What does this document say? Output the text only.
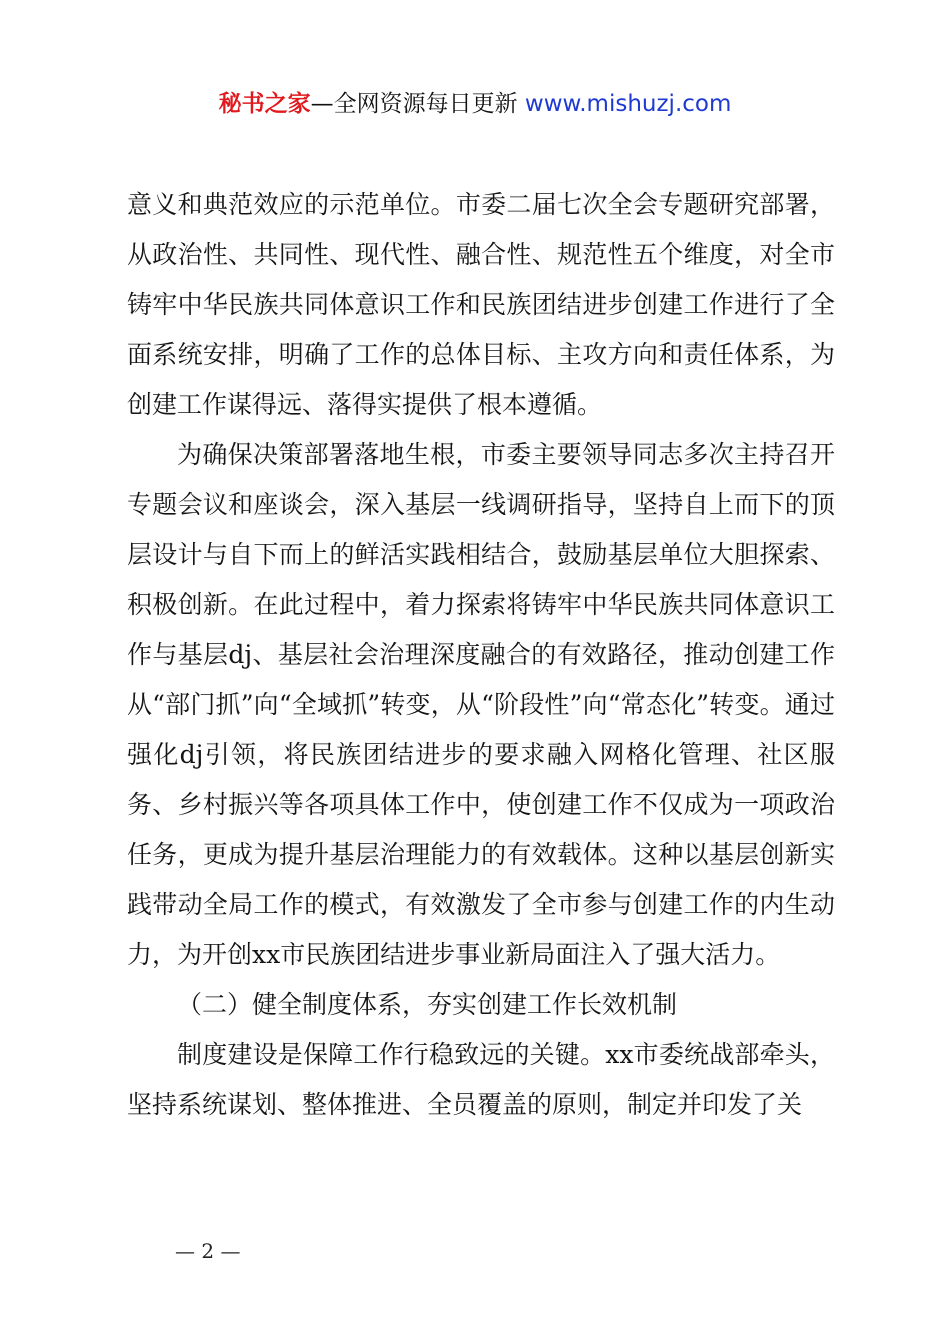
秘书之家—全网资源每日更新 www.mishuzj.com

意义和典范效应的示范单位。市委二届七次全会专题研究部署，从政治性、共同性、现代性、融合性、规范性五个维度，对全市铸牢中华民族共同体意识工作和民族团结进步创建工作进行了全面系统安排，明确了工作的总体目标、主攻方向和责任体系，为创建工作谋得远、落得实提供了根本遵循。

为确保决策部署落地生根，市委主要领导同志多次主持召开专题会议和座谈会，深入基层一线调研指导，坚持自上而下的顶层设计与自下而上的鲜活实践相结合，鼓励基层单位大胆探索、积极创新。在此过程中，着力探索将铸牢中华民族共同体意识工作与基层dj、基层社会治理深度融合的有效路径，推动创建工作从“部门抓”向“全域抓”转变，从“阶段性”向“常态化”转变。通过强化dj引领，将民族团结进步的要求融入网格化管理、社区服务、乡村振兴等各项具体工作中，使创建工作不仅成为一项政治任务，更成为提升基层治理能力的有效载体。这种以基层创新实践带动全局工作的模式，有效激发了全市参与创建工作的内生动力，为开创xx市民族团结进步事业新局面注入了强大活力。

（二）健全制度体系，夯实创建工作长效机制

制度建设是保障工作行稳致远的关键。xx市委统战部牵头，坚持系统谋划、整体推进、全员覆盖的原则，制定并印发了关

— 2 —
